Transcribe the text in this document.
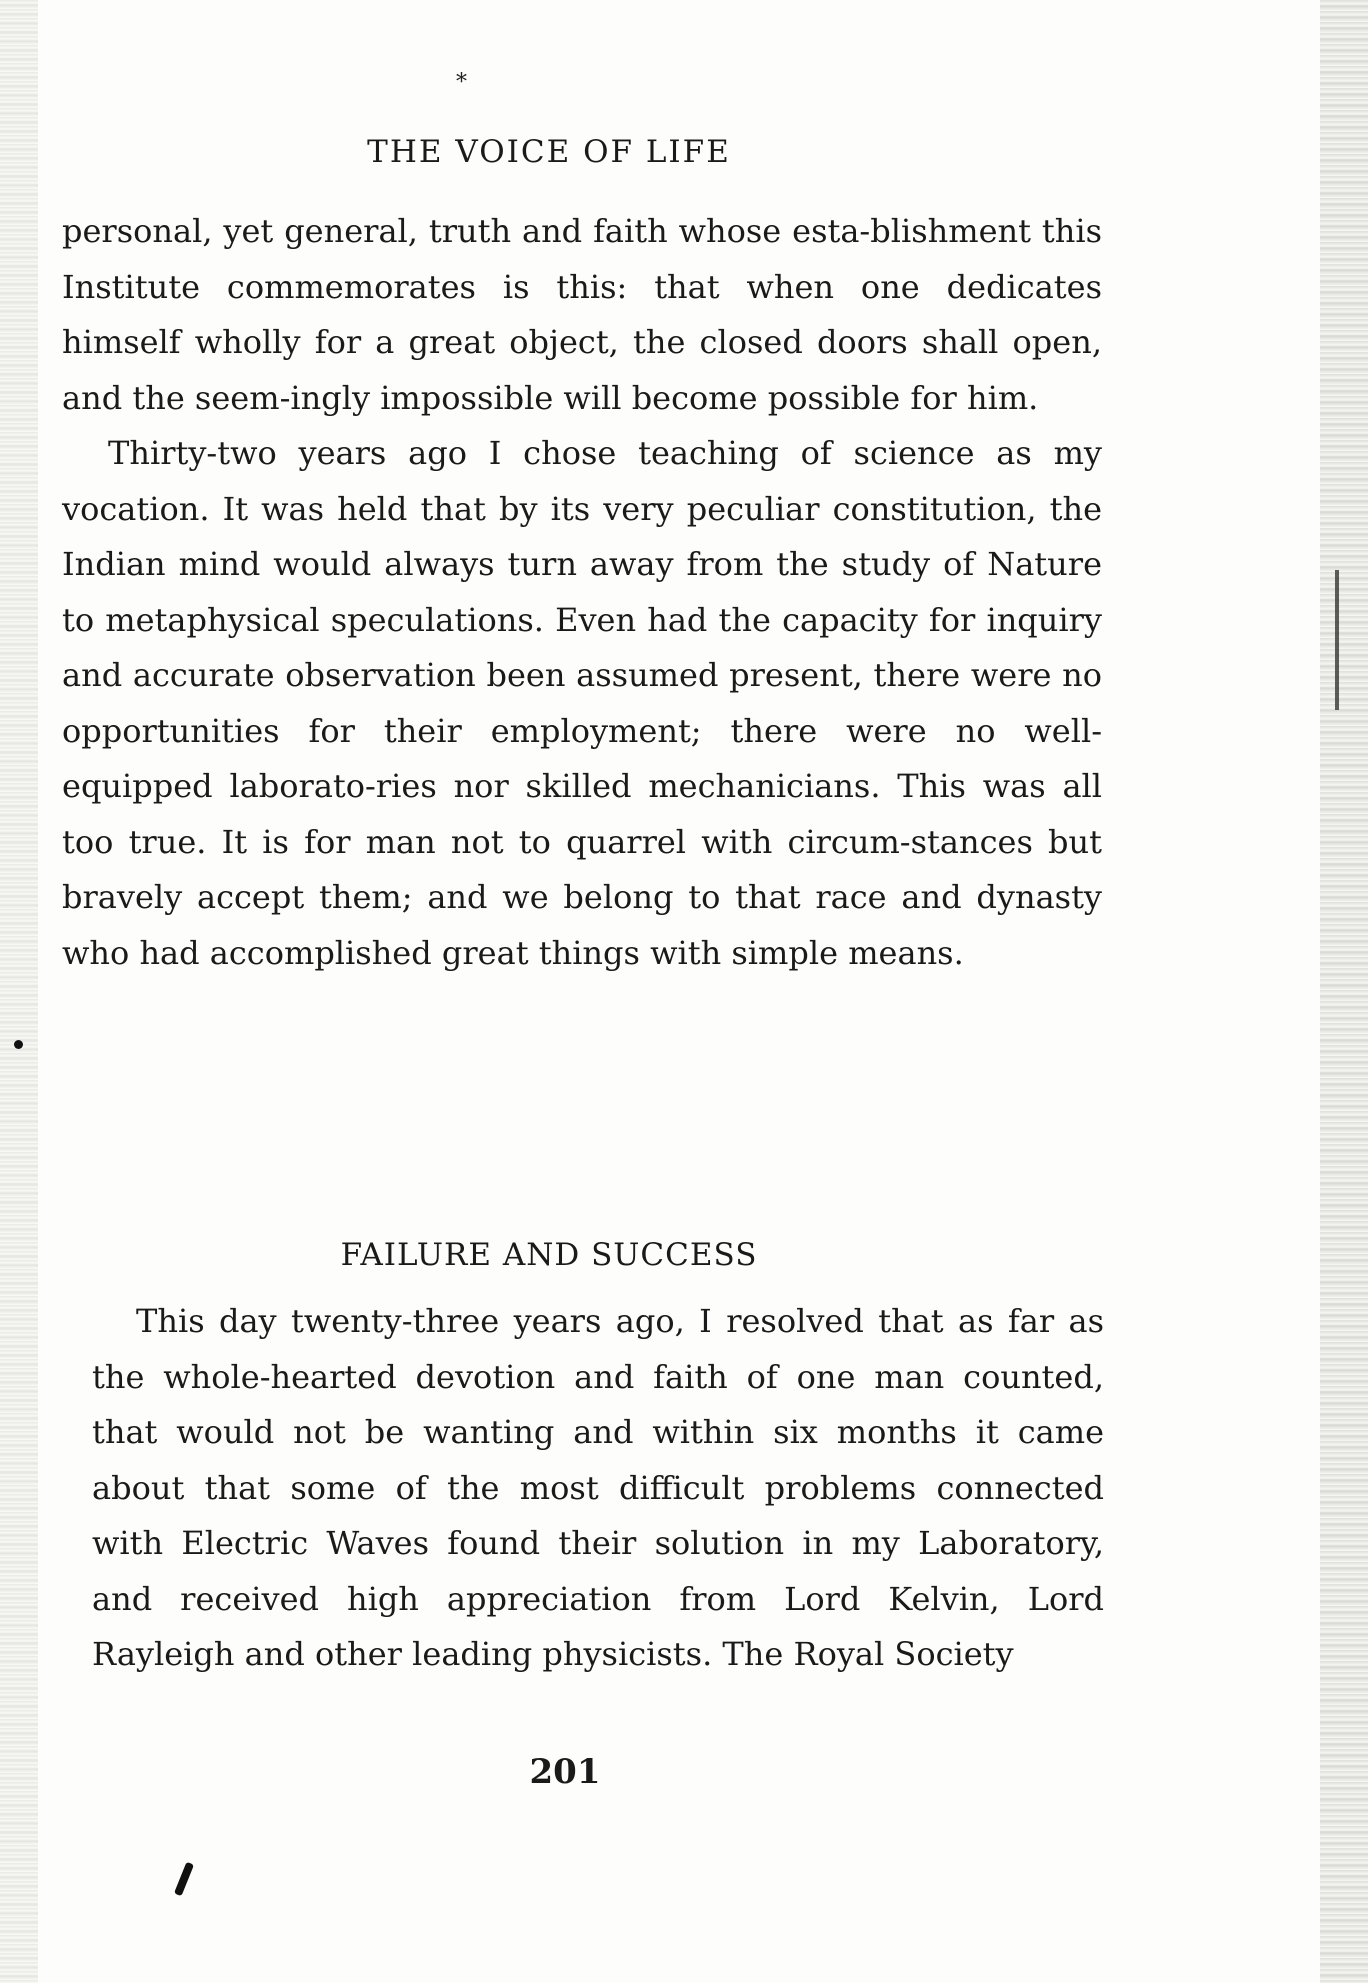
*
THE VOICE OF LIFE

personal, yet general, truth and faith whose esta-blishment this Institute commemorates is this: that when one dedicates himself wholly for a great object, the closed doors shall open, and the seem-ingly impossible will become possible for him.

Thirty-two years ago I chose teaching of science as my vocation. It was held that by its very peculiar constitution, the Indian mind would always turn away from the study of Nature to metaphysical speculations. Even had the capacity for inquiry and accurate observation been assumed present, there were no opportunities for their employment; there were no well-equipped laborato-ries nor skilled mechanicians. This was all too true. It is for man not to quarrel with circum-stances but bravely accept them; and we belong to that race and dynasty who had accomplished great things with simple means.

FAILURE AND SUCCESS

This day twenty-three years ago, I resolved that as far as the whole-hearted devotion and faith of one man counted, that would not be wanting and within six months it came about that some of the most difficult problems connected with Electric Waves found their solution in my Laboratory, and received high appreciation from Lord Kelvin, Lord Rayleigh and other leading physicists. The Royal Society

201
